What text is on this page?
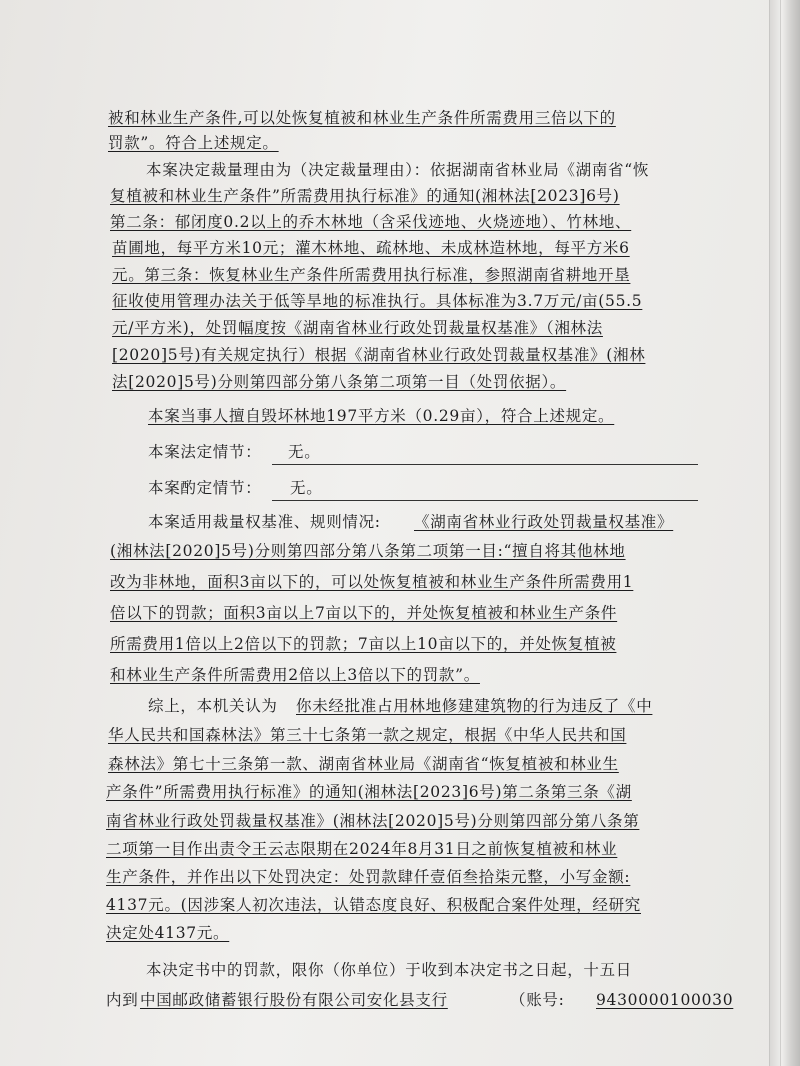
被和林业生产条件,可以处恢复植被和林业生产条件所需费用三倍以下的

罚款”。符合上述规定。

本案决定裁量理由为（决定裁量理由）：依据湖南省林业局《湖南省“恢

复植被和林业生产条件”所需费用执行标准》的通知(湘林法[2023]6号)

第二条：郁闭度0.2以上的乔木林地（含采伐迹地、火烧迹地）、竹林地、

苗圃地，每平方米10元；灌木林地、疏林地、未成林造林地，每平方米6

元。第三条：恢复林业生产条件所需费用执行标准，参照湖南省耕地开垦

征收使用管理办法关于低等旱地的标准执行。具体标准为3.7万元/亩(55.5

元/平方米)，处罚幅度按《湖南省林业行政处罚裁量权基准》（湘林法

[2020]5号)有关规定执行）根据《湖南省林业行政处罚裁量权基准》(湘林

法[2020]5号)分则第四部分第八条第二项第一目（处罚依据）。

本案当事人擅自毁坏林地197平方米（0.29亩），符合上述规定。

本案法定情节： 无。

本案酌定情节： 无。

本案适用裁量权基准、规则情况: 《湖南省林业行政处罚裁量权基准》

(湘林法[2020]5号)分则第四部分第八条第二项第一目:“擅自将其他林地

改为非林地，面积3亩以下的，可以处恢复植被和林业生产条件所需费用1

倍以下的罚款；面积3亩以上7亩以下的，并处恢复植被和林业生产条件

所需费用1倍以上2倍以下的罚款；7亩以上10亩以下的，并处恢复植被

和林业生产条件所需费用2倍以上3倍以下的罚款”。

综上，本机关认为 你未经批准占用林地修建建筑物的行为违反了《中

华人民共和国森林法》第三十七条第一款之规定，根据《中华人民共和国

森林法》第七十三条第一款、湖南省林业局《湖南省“恢复植被和林业生

产条件”所需费用执行标准》的通知(湘林法[2023]6号)第二条第三条《湖

南省林业行政处罚裁量权基准》(湘林法[2020]5号)分则第四部分第八条第

二项第一目作出责令王云志限期在2024年8月31日之前恢复植被和林业

生产条件，并作出以下处罚决定：处罚款肆仟壹佰叁拾柒元整，小写金额:

4137元。(因涉案人初次违法，认错态度良好、积极配合案件处理，经研究

决定处4137元。

本决定书中的罚款，限你（你单位）于收到本决定书之日起，十五日

内到 中国邮政储蓄银行股份有限公司安化县支行	（账号: 9430000100030
